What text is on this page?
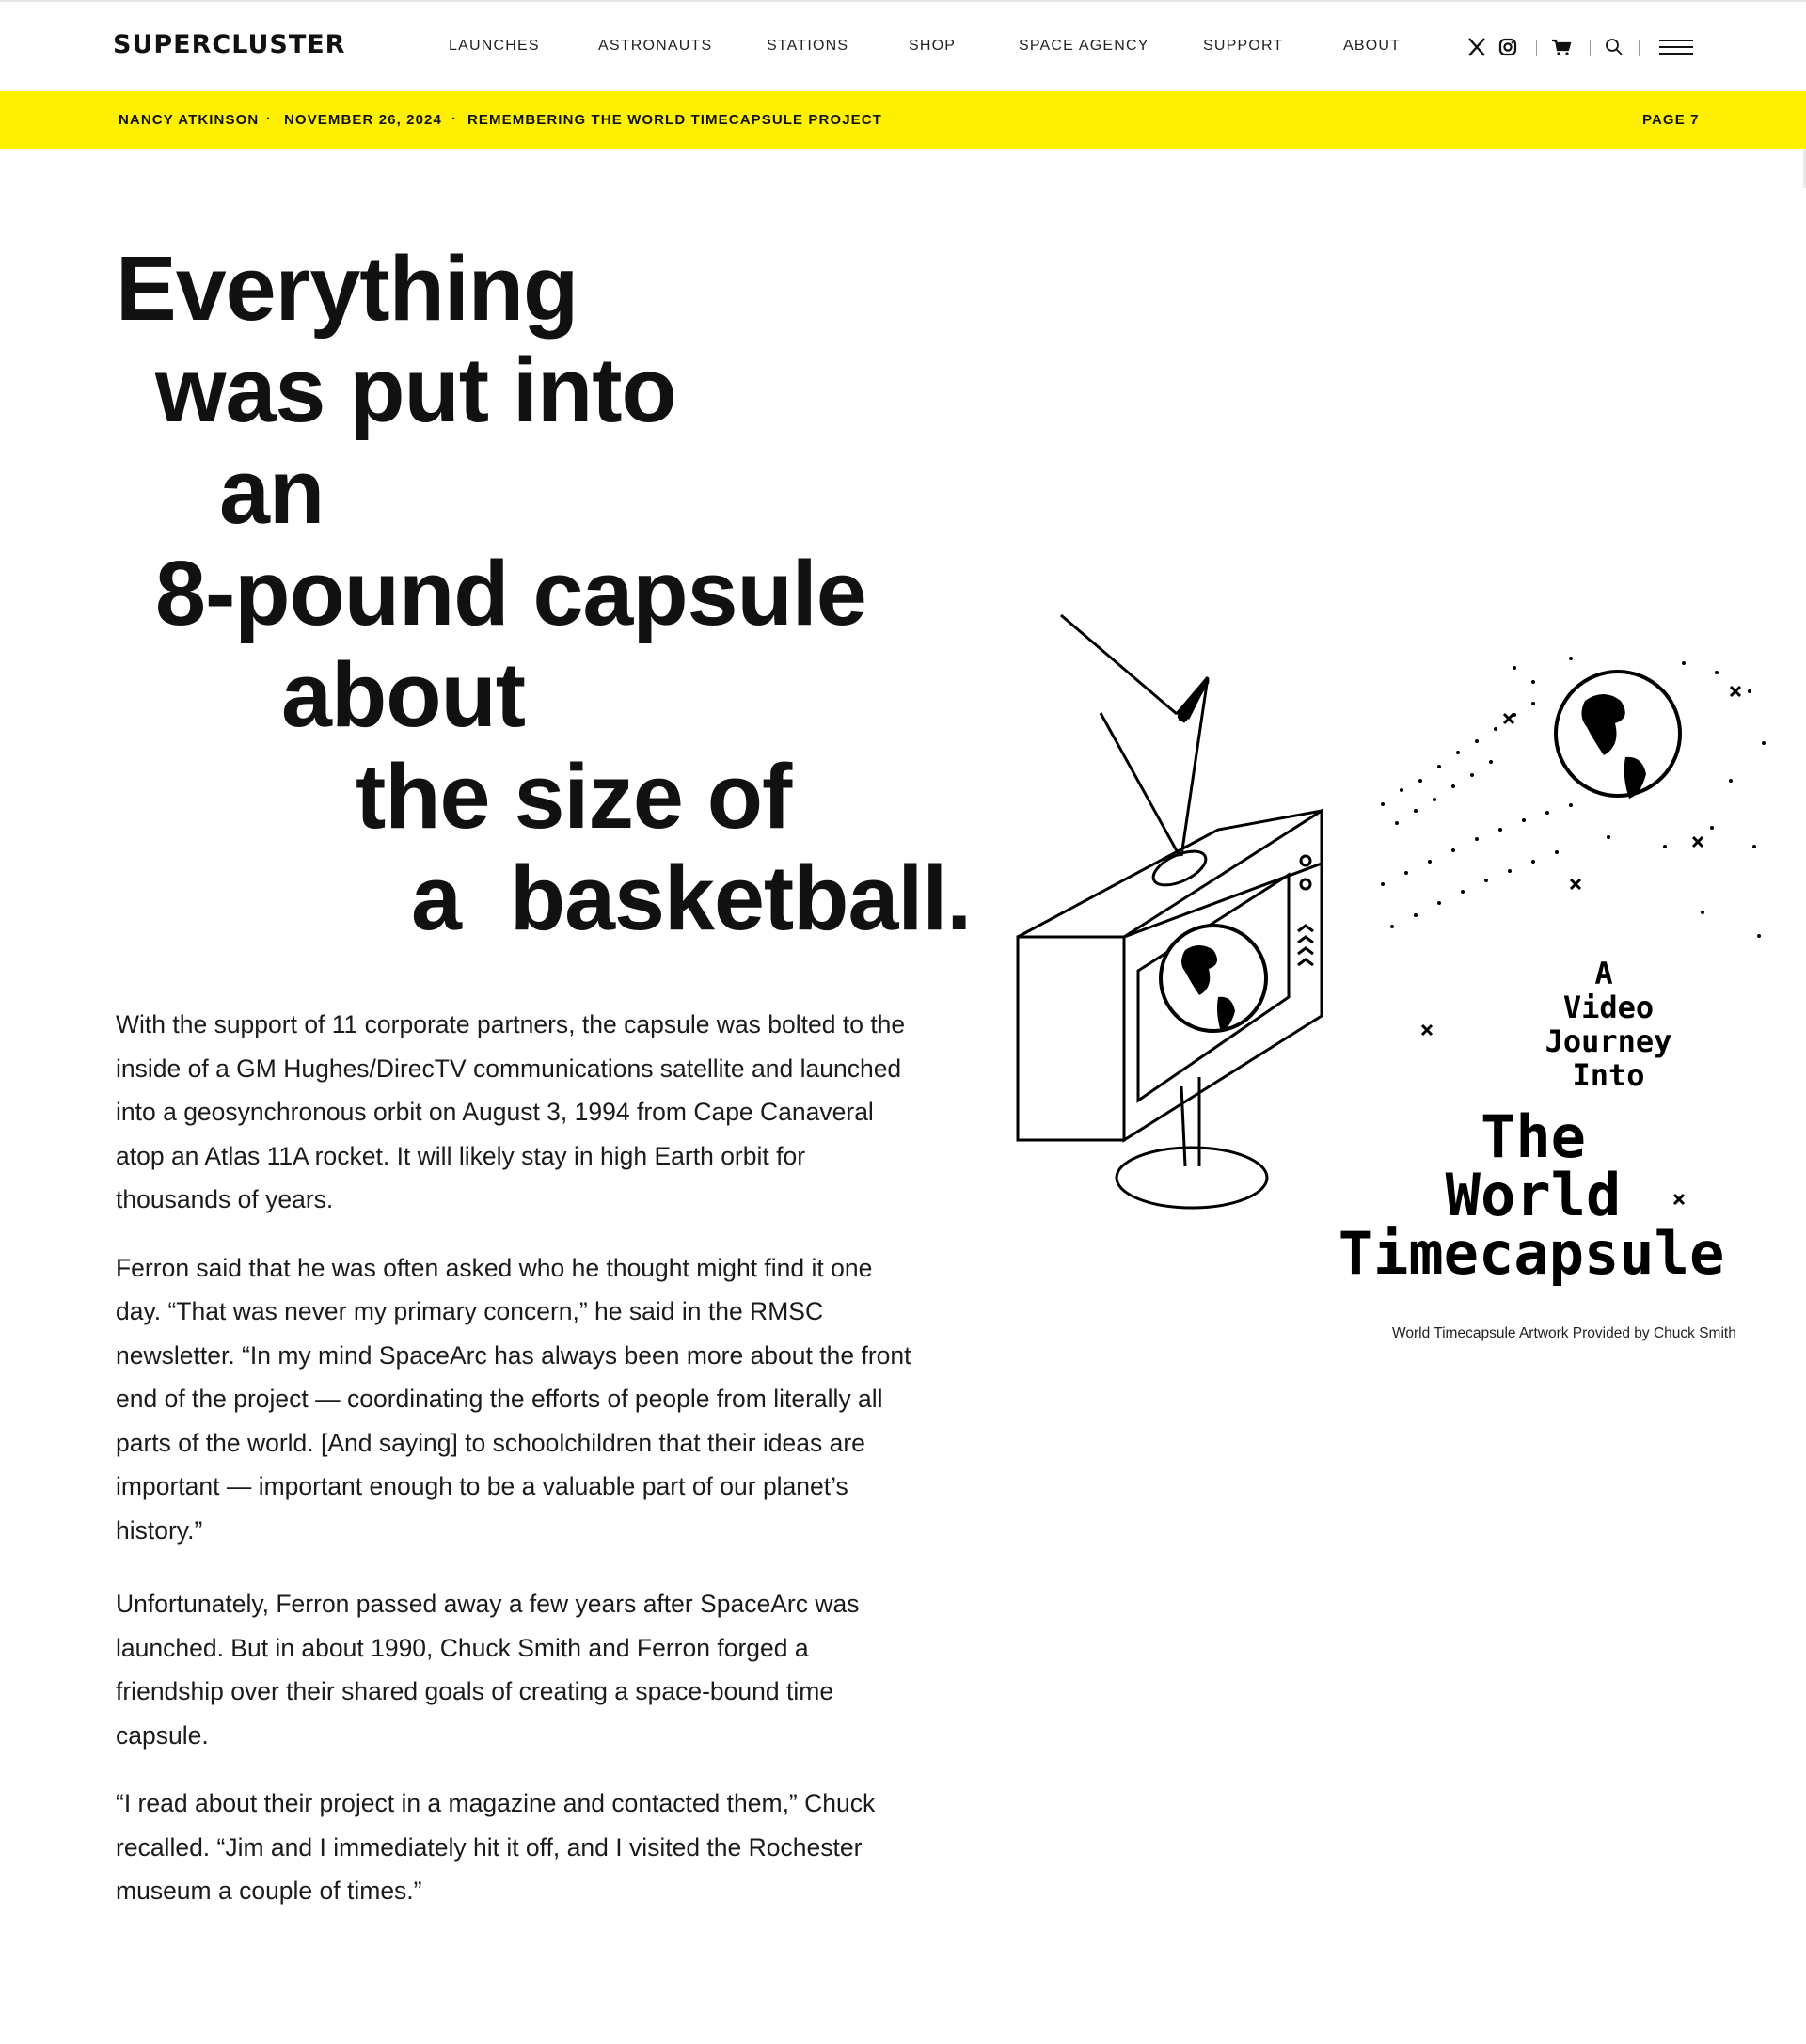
SUPERCLUSTER	LAUNCHES	ASTRONAUTS	STATIONS	SHOP	SPACE AGENCY	SUPPORT	ABOUT
NANCY ATKINSON · NOVEMBER 26, 2024 · REMEMBERING THE WORLD TIMECAPSULE PROJECT	PAGE 7
Everything
was put into
an
8-pound capsule
about
the size of
a  basketball.

With the support of 11 corporate partners, the capsule was bolted to the inside of a GM Hughes/DirecTV communications satellite and launched into a geosynchronous orbit on August 3, 1994 from Cape Canaveral atop an Atlas 11A rocket. It will likely stay in high Earth orbit for thousands of years.

Ferron said that he was often asked who he thought might find it one day. “That was never my primary concern,” he said in the RMSC newsletter. “In my mind SpaceArc has always been more about the front end of the project — coordinating the efforts of people from literally all parts of the world. [And saying] to schoolchildren that their ideas are important — important enough to be a valuable part of our planet’s history.”

Unfortunately, Ferron passed away a few years after SpaceArc was launched. But in about 1990, Chuck Smith and Ferron forged a friendship over their shared goals of creating a space-bound time capsule.

“I read about their project in a magazine and contacted them,” Chuck recalled. “Jim and I immediately hit it off, and I visited the Rochester museum a couple of times.”

A
Video
Journey
Into
The
World
Timecapsule
World Timecapsule Artwork Provided by Chuck Smith
